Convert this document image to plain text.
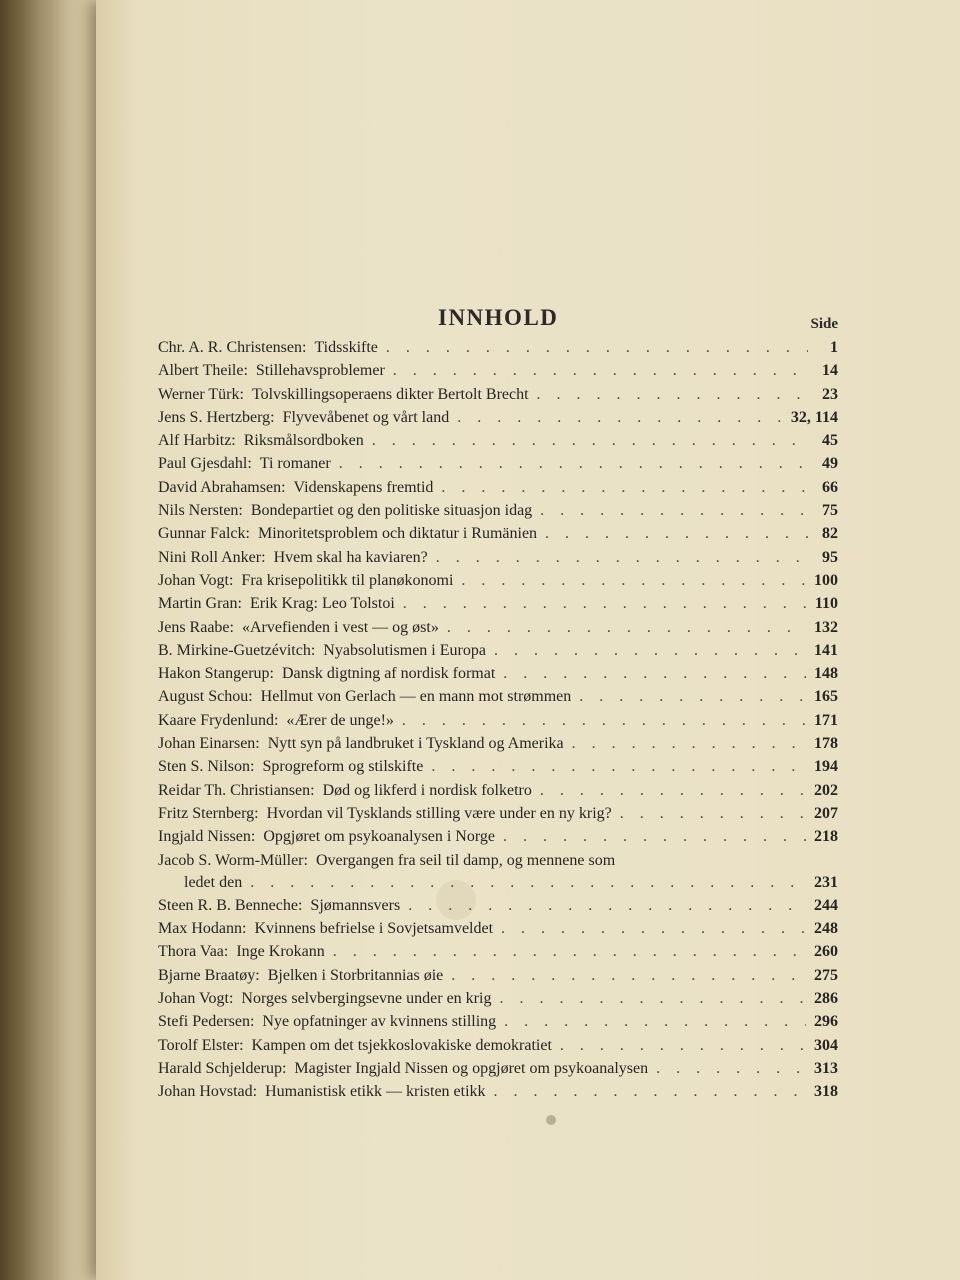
INNHOLD	Side
Chr. A. R. Christensen: Tidsskifte . . .	1
Albert Theile: Stillehavsproblemer . . .	14
Werner Türk: Tolvskillingsoperaens dikter Bertolt Brecht . . .	23
Jens S. Hertzberg: Flyvevåbenet og vårt land . . .	32, 114
Alf Harbitz: Riksmålsordboken . . .	45
Paul Gjesdahl: Ti romaner . . .	49
David Abrahamsen: Videnskapens fremtid . . .	66
Nils Nersten: Bondepartiet og den politiske situasjon idag . . .	75
Gunnar Falck: Minoritetsproblem och diktatur i Rumänien . . .	82
Nini Roll Anker: Hvem skal ha kaviaren? . . .	95
Johan Vogt: Fra krisepolitikk til planøkonomi . . .	100
Martin Gran: Erik Krag: Leo Tolstoi . . .	110
Jens Raabe: «Arvefienden i vest — og øst» . . .	132
B. Mirkine-Guetzévitch: Nyabsolutismen i Europa . . .	141
Hakon Stangerup: Dansk digtning af nordisk format . . .	148
August Schou: Hellmut von Gerlach — en mann mot strømmen . . .	165
Kaare Frydenlund: «Ærer de unge!» . . .	171
Johan Einarsen: Nytt syn på landbruket i Tyskland og Amerika . . .	178
Sten S. Nilson: Sprogreform og stilskifte . . .	194
Reidar Th. Christiansen: Død og likferd i nordisk folketro . . .	202
Fritz Sternberg: Hvordan vil Tysklands stilling være under en ny krig? . . .	207
Ingjald Nissen: Opgjøret om psykoanalysen i Norge . . .	218
Jacob S. Worm-Müller: Overgangen fra seil til damp, og mennene som
ledet den . . .	231
Steen R. B. Benneche: Sjømannsvers . . .	244
Max Hodann: Kvinnens befrielse i Sovjetsamveldet . . .	248
Thora Vaa: Inge Krokann . . .	260
Bjarne Braatøy: Bjelken i Storbritannias øie . . .	275
Johan Vogt: Norges selvbergingsevne under en krig . . .	286
Stefi Pedersen: Nye opfatninger av kvinnens stilling . . .	296
Torolf Elster: Kampen om det tsjekkoslovakiske demokratiet . . .	304
Harald Schjelderup: Magister Ingjald Nissen og opgjøret om psykoanalysen . . .	313
Johan Hovstad: Humanistisk etikk — kristen etikk . . .	318
